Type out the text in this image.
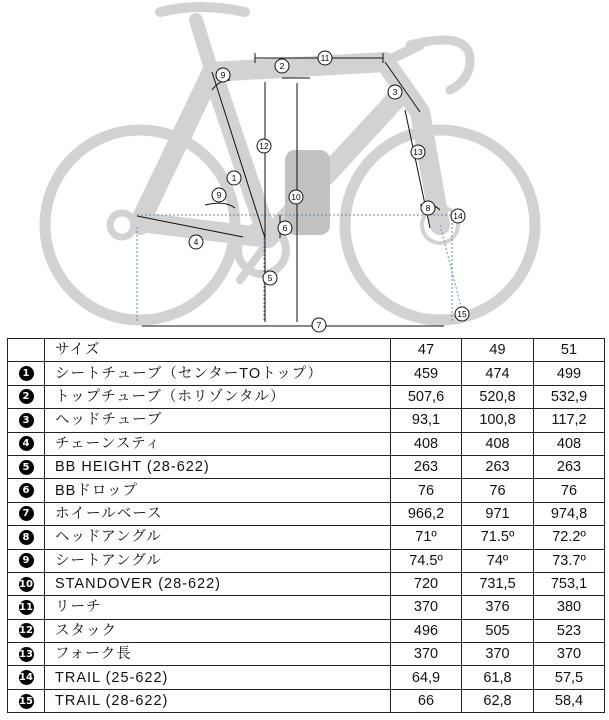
1
2
3
4
5
6
7
8
9
9	10
11
12
13
14
15
	サイズ	47	49	51
1	シートチューブ（センターTOトップ）	459	474	499
2	トップチューブ（ホリゾンタル）	507,6	520,8	532,9
3	ヘッドチューブ	93,1	100,8	117,2
4	チェーンスティ	408	408	408
5	BB HEIGHT (28-622)	263	263	263
6	BBドロップ	76	76	76
7	ホイールベース	966,2	971	974,8
8	ヘッドアングル	71º	71.5º	72.2º
9	シートアングル	74.5º	74º	73.7º
10	STANDOVER (28-622)	720	731,5	753,1
11	リーチ	370	376	380
12	スタック	496	505	523
13	フォーク長	370	370	370
14	TRAIL (25-622)	64,9	61,8	57,5
15	TRAIL (28-622)	66	62,8	58,4
